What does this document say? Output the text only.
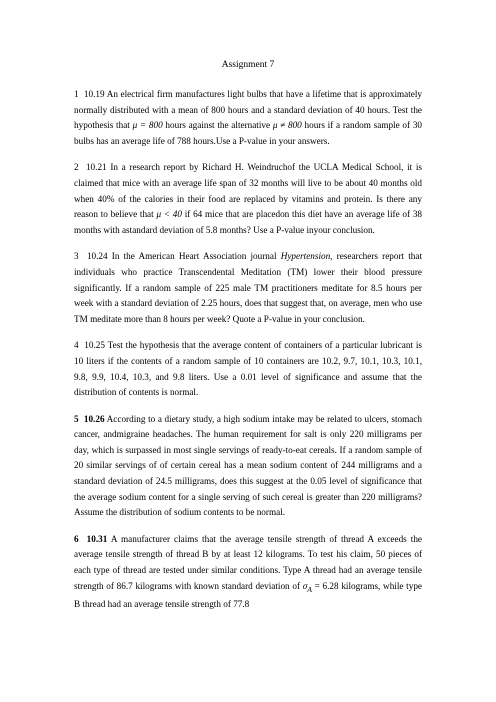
Assignment 7

1 10.19 An electrical firm manufactures light bulbs that have a lifetime that is approximately normally distributed with a mean of 800 hours and a standard deviation of 40 hours. Test the hypothesis that μ = 800 hours against the alternative μ ≠ 800 hours if a random sample of 30 bulbs has an average life of 788 hours.Use a P-value in your answers.

2 10.21 In a research report by Richard H. Weindruchof the UCLA Medical School, it is claimed that mice with an average life span of 32 months will live to be about 40 months old when 40% of the calories in their food are replaced by vitamins and protein. Is there any reason to believe that μ < 40 if 64 mice that are placedon this diet have an average life of 38 months with astandard deviation of 5.8 months? Use a P-value inyour conclusion.

3 10.24 In the American Heart Association journal Hypertension, researchers report that individuals who practice Transcendental Meditation (TM) lower their blood pressure significantly. If a random sample of 225 male TM practitioners meditate for 8.5 hours per week with a standard deviation of 2.25 hours, does that suggest that, on average, men who use TM meditate more than 8 hours per week? Quote a P-value in your conclusion.

4 10.25 Test the hypothesis that the average content of containers of a particular lubricant is 10 liters if the contents of a random sample of 10 containers are 10.2, 9.7, 10.1, 10.3, 10.1, 9.8, 9.9, 10.4, 10.3, and 9.8 liters. Use a 0.01 level of significance and assume that the distribution of contents is normal.

5 10.26 According to a dietary study, a high sodium intake may be related to ulcers, stomach cancer, andmigraine headaches. The human requirement for salt is only 220 milligrams per day, which is surpassed in most single servings of ready-to-eat cereals. If a random sample of 20 similar servings of of certain cereal has a mean sodium content of 244 milligrams and a standard deviation of 24.5 milligrams, does this suggest at the 0.05 level of significance that the average sodium content for a single serving of such cereal is greater than 220 milligrams? Assume the distribution of sodium contents to be normal.

6 10.31 A manufacturer claims that the average tensile strength of thread A exceeds the average tensile strength of thread B by at least 12 kilograms. To test his claim, 50 pieces of each type of thread are tested under similar conditions. Type A thread had an average tensile strength of 86.7 kilograms with known standard deviation of $\sigma_A = 6.28$ kilograms, while type B thread had an average tensile strength of 77.8
